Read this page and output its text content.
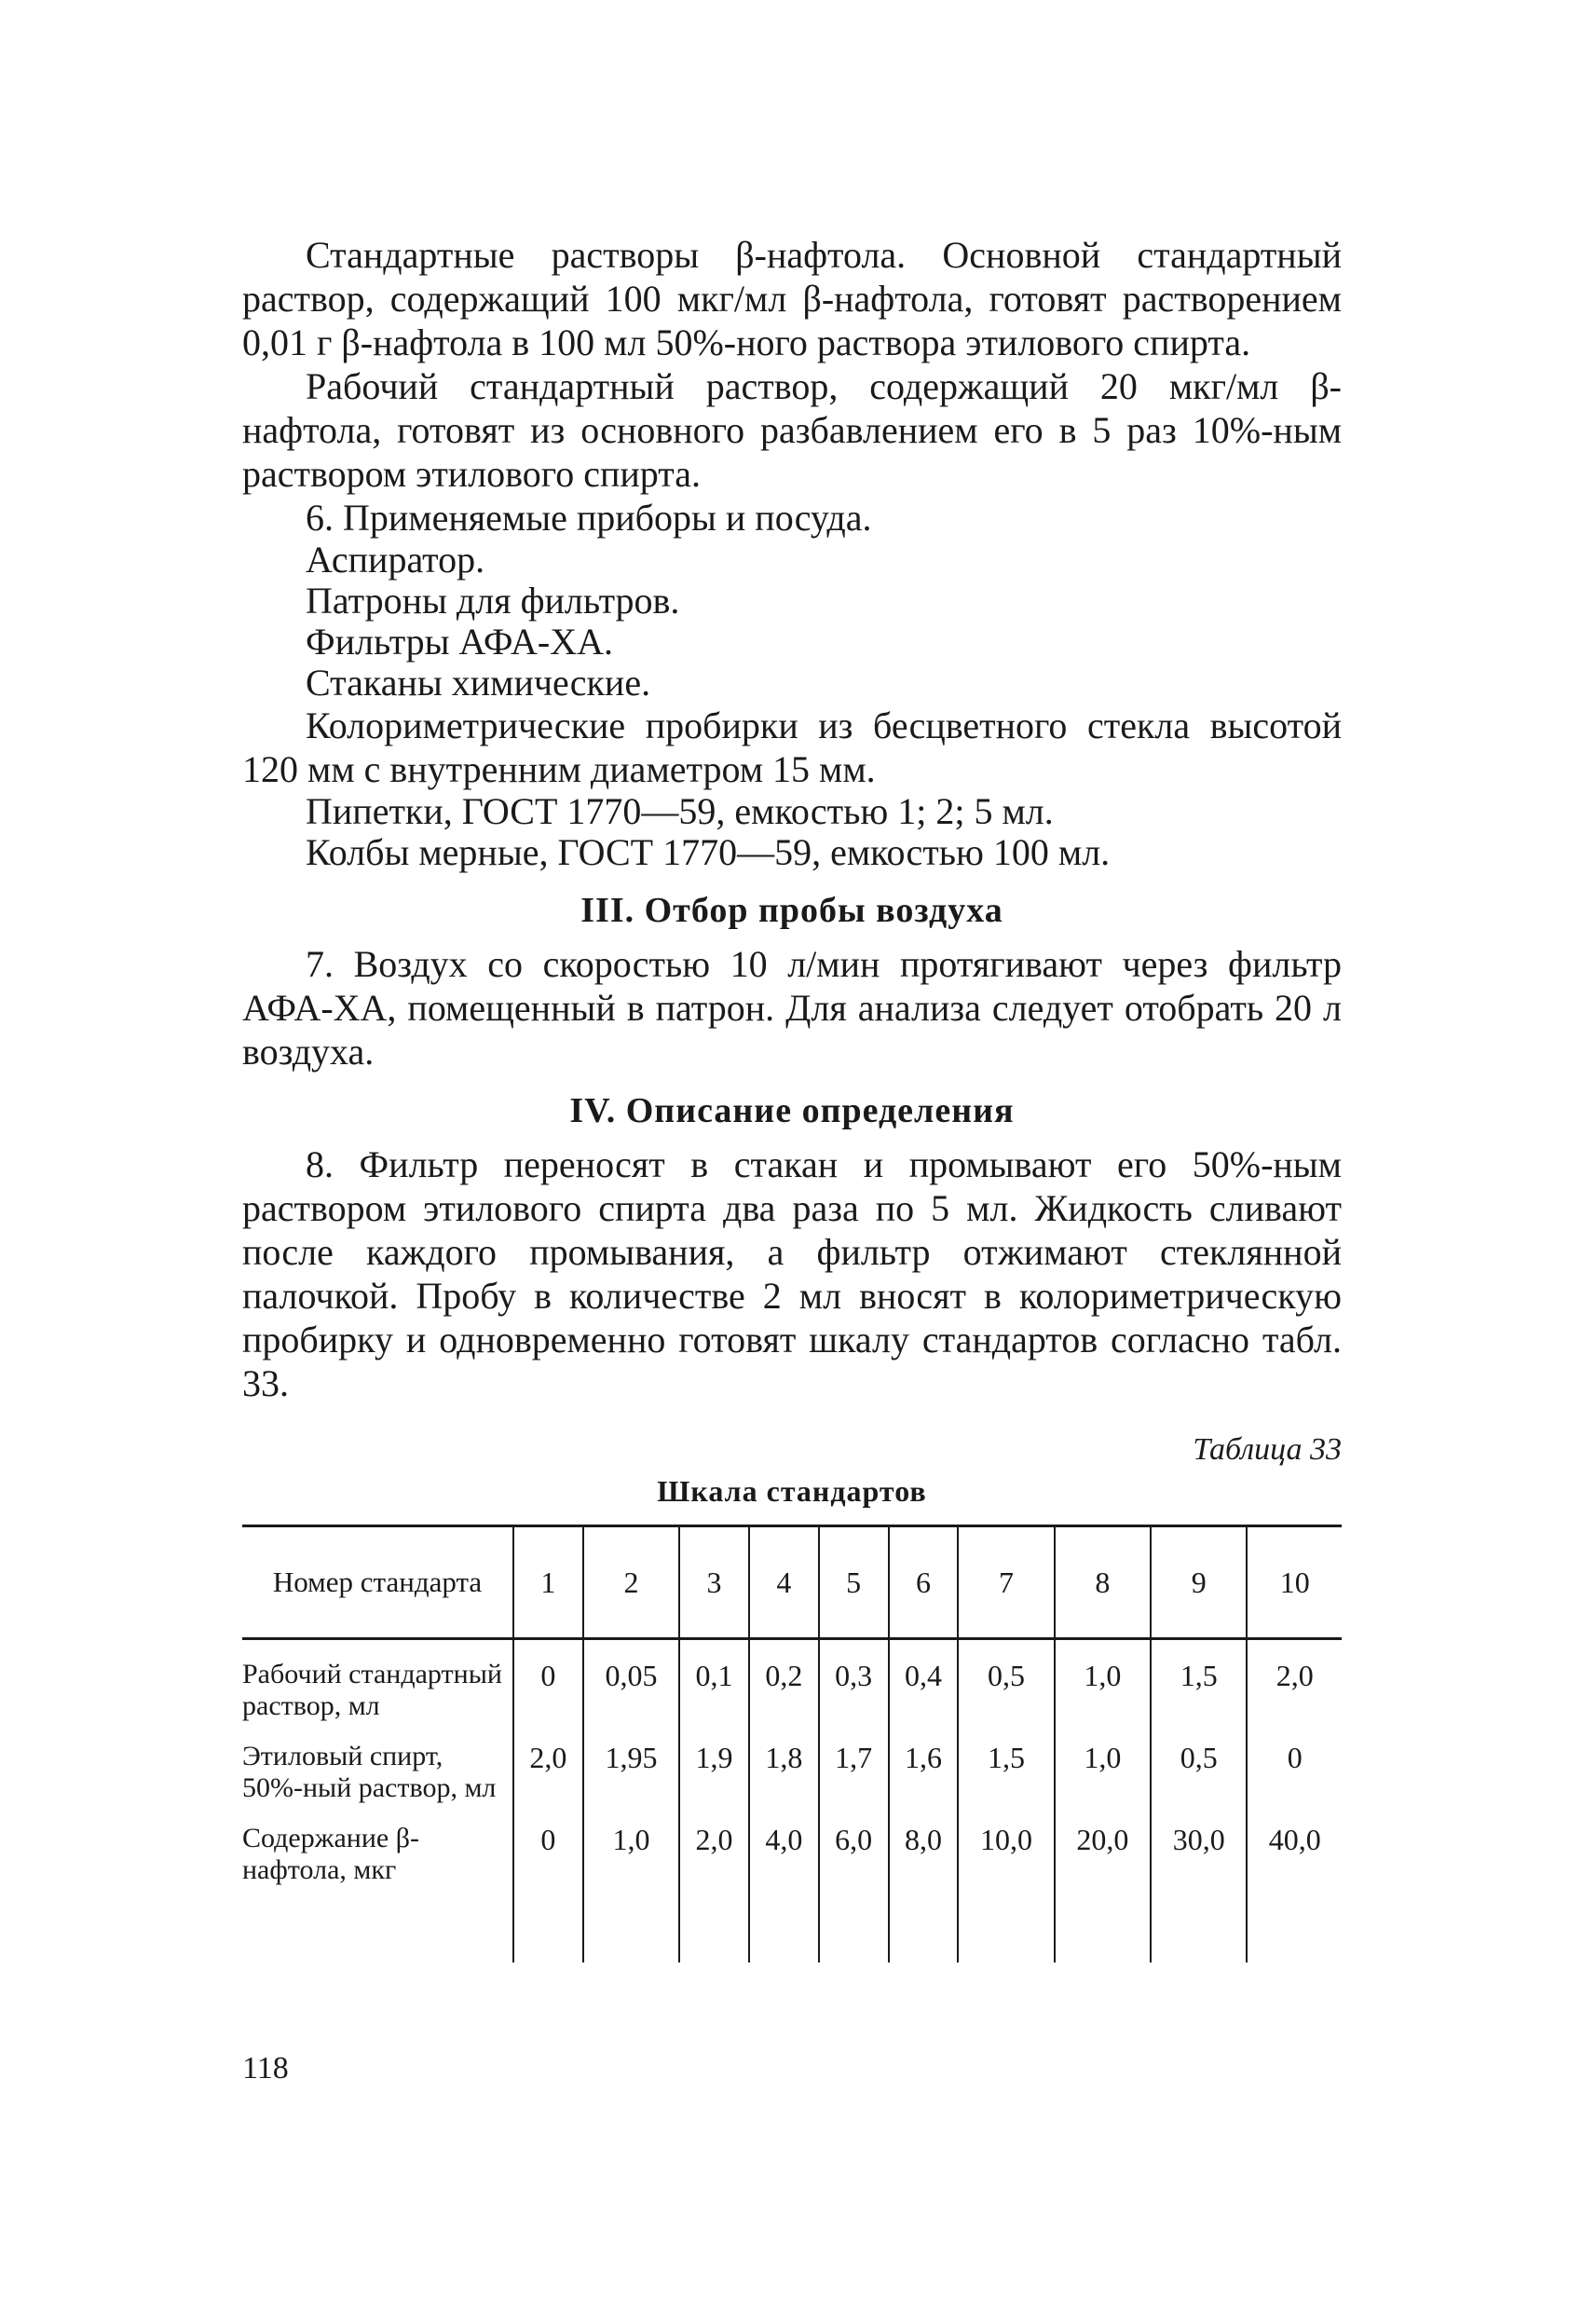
Стандартные растворы β-нафтола. Основной стандартный раствор, содержащий 100 мкг/мл β-нафтола, готовят растворением 0,01 г β-нафтола в 100 мл 50%-ного раствора этилового спирта.

Рабочий стандартный раствор, содержащий 20 мкг/мл β-нафтола, готовят из основного разбавлением его в 5 раз 10%-ным раствором этилового спирта.

6. Применяемые приборы и посуда.

Аспиратор.

Патроны для фильтров.

Фильтры АФА-ХА.

Стаканы химические.

Колориметрические пробирки из бесцветного стекла высотой 120 мм с внутренним диаметром 15 мм.

Пипетки, ГОСТ 1770—59, емкостью 1; 2; 5 мл.

Колбы мерные, ГОСТ 1770—59, емкостью 100 мл.

III. Отбор пробы воздуха

7. Воздух со скоростью 10 л/мин протягивают через фильтр АФА-ХА, помещенный в патрон. Для анализа следует отобрать 20 л воздуха.

IV. Описание определения

8. Фильтр переносят в стакан и промывают его 50%-ным раствором этилового спирта два раза по 5 мл. Жидкость сливают после каждого промывания, а фильтр отжимают стеклянной палочкой. Пробу в количестве 2 мл вносят в колориметрическую пробирку и одновременно готовят шкалу стандартов согласно табл. 33.

Таблица 33
Шкала стандартов
Номер стандарта	1	2	3	4	5	6	7	8	9	10
Рабочий стандартный раствор, мл	0	0,05	0,1	0,2	0,3	0,4	0,5	1,0	1,5	2,0
Этиловый спирт, 50%-ный раствор, мл	2,0	1,95	1,9	1,8	1,7	1,6	1,5	1,0	0,5	0
Содержание β-нафтола, мкг	0	1,0	2,0	4,0	6,0	8,0	10,0	20,0	30,0	40,0
118
